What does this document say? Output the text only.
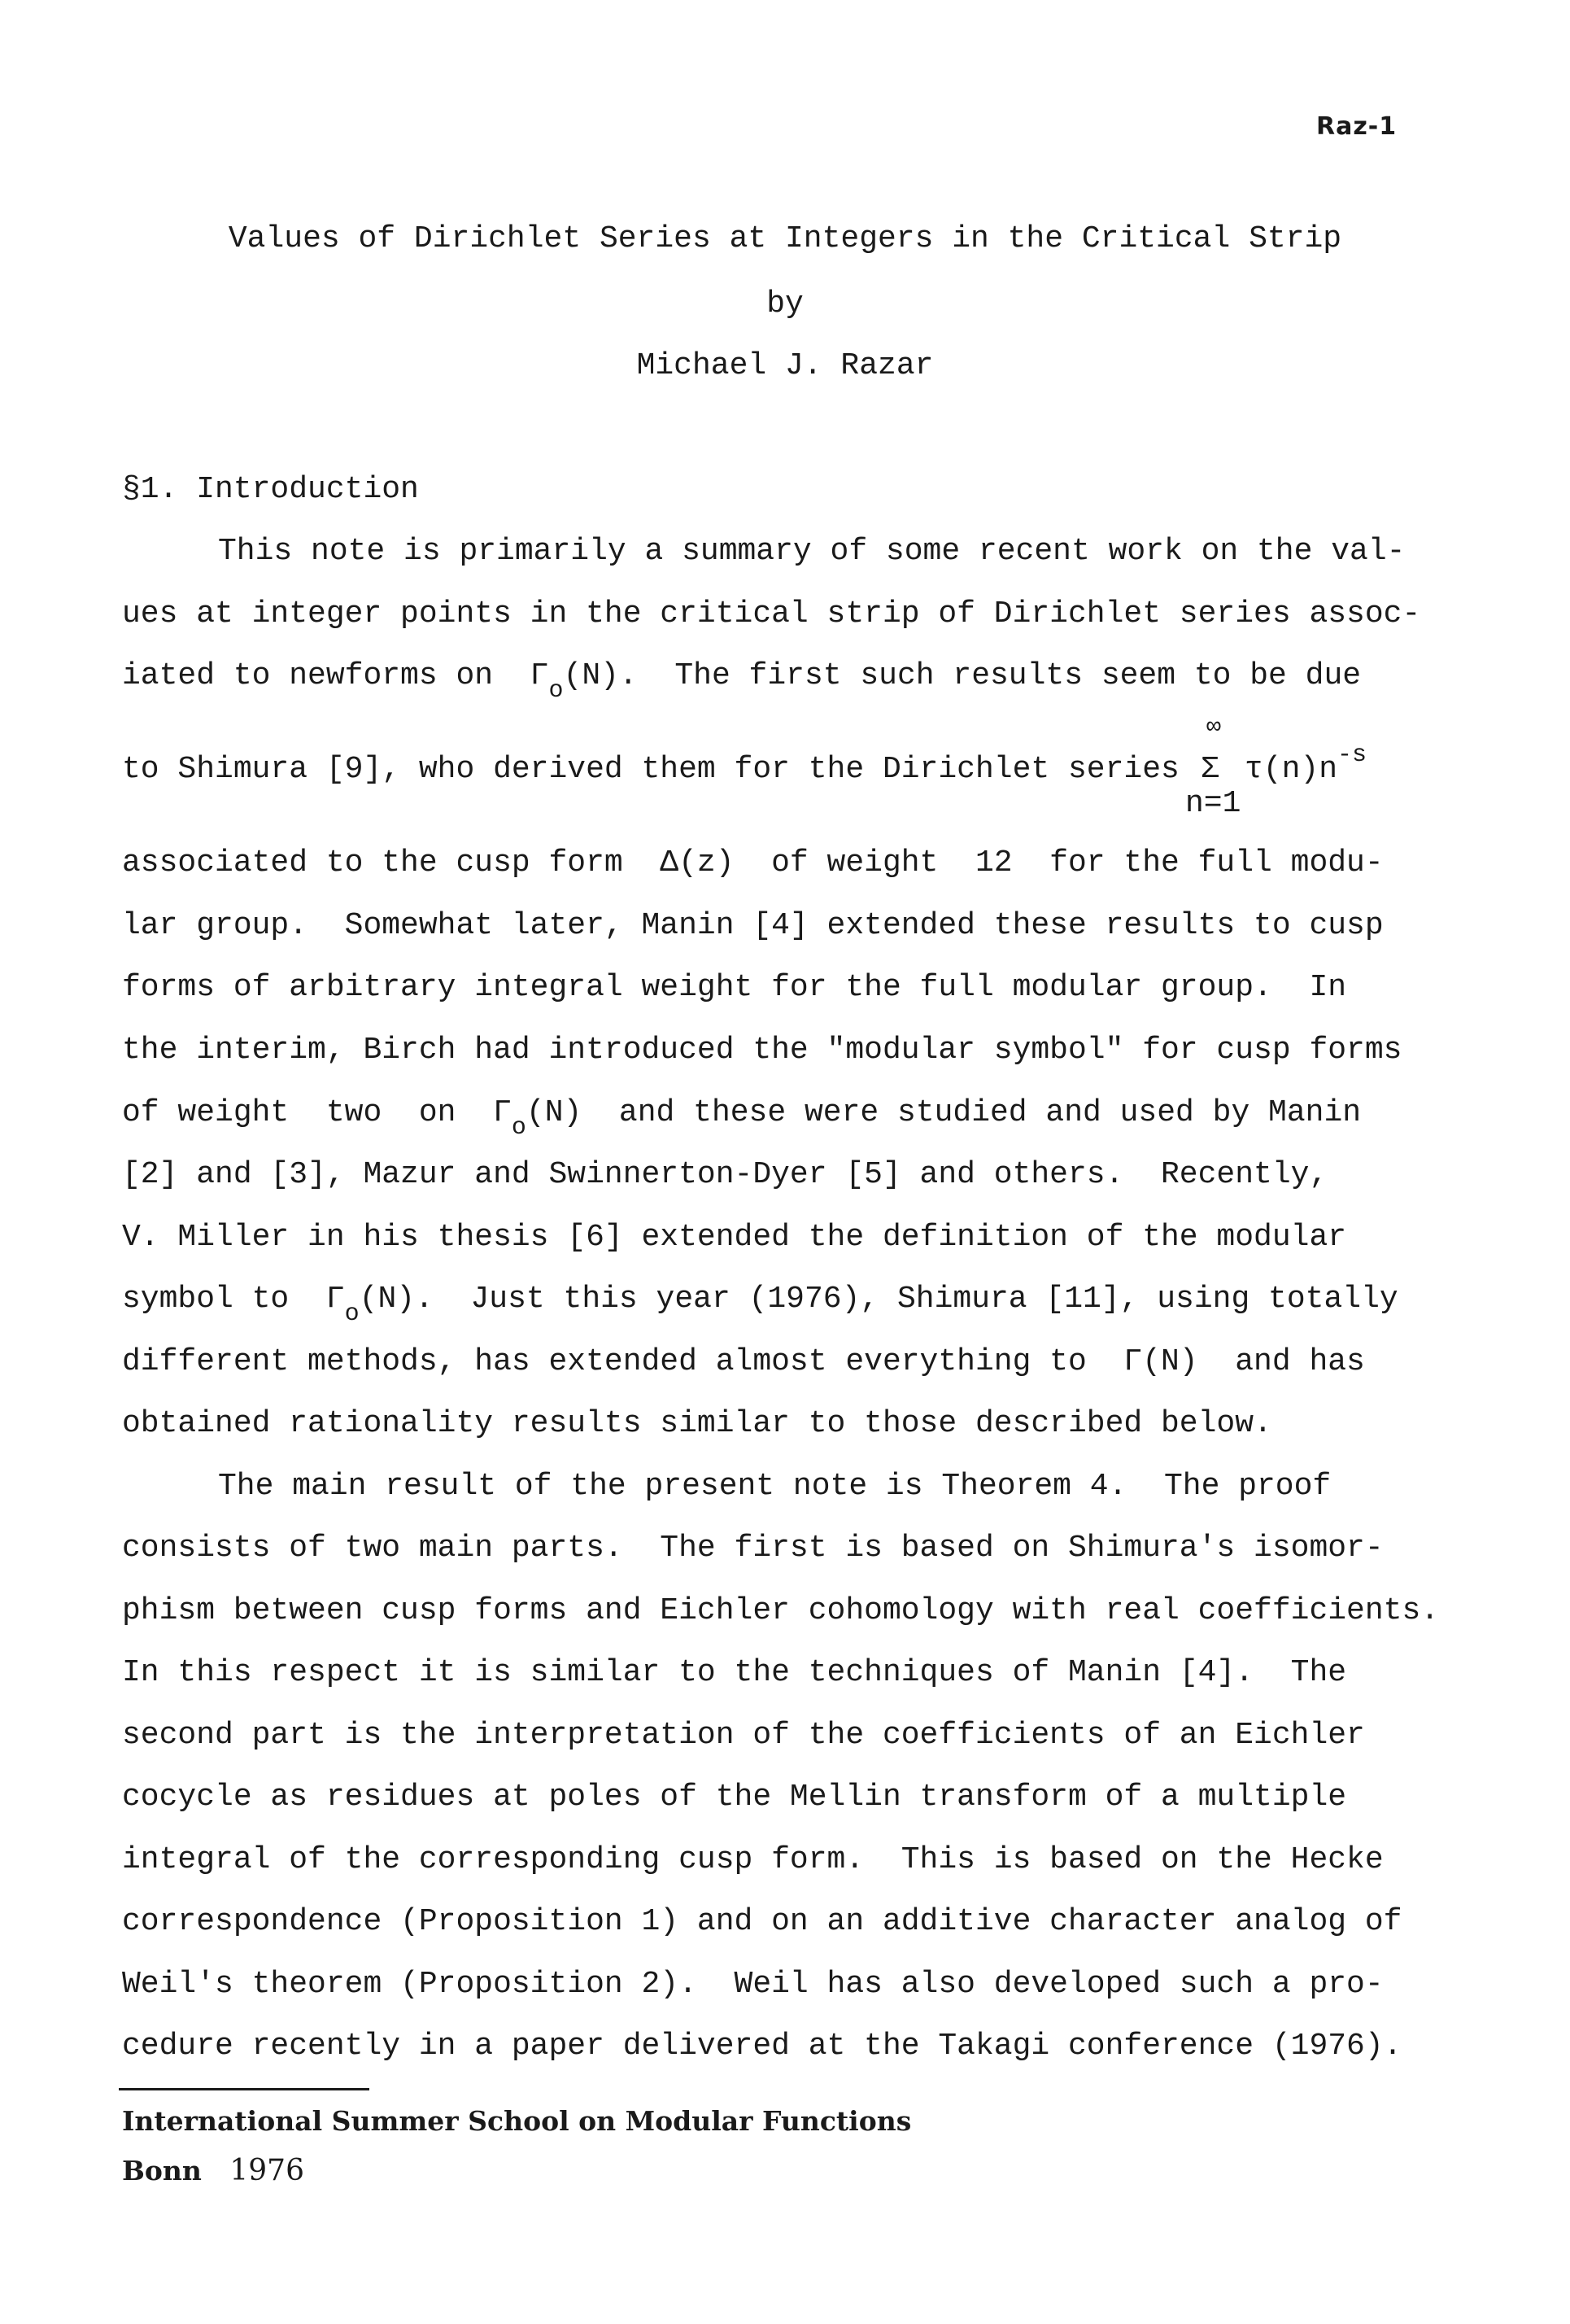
Raz-1
Values of Dirichlet Series at Integers in the Critical Strip
by
Michael J. Razar
§1. Introduction
This note is primarily a summary of some recent work on the val-
ues at integer points in the critical strip of Dirichlet series assoc-
iated to newforms on  $\Gamma_o(N)$.  The first such results seem to be due
to Shimura [9], who derived them for the Dirichlet series
∞
Σ $\tau(n)n^{-s}$
n=1
associated to the cusp form  Δ(z)  of weight  12  for the full modu-
lar group.  Somewhat later, Manin [4] extended these results to cusp
forms of arbitrary integral weight for the full modular group.  In
the interim, Birch had introduced the "modular symbol" for cusp forms
of weight  two  on  $\Gamma_o(N)$  and these were studied and used by Manin
[2] and [3], Mazur and Swinnerton-Dyer [5] and others.  Recently,
V. Miller in his thesis [6] extended the definition of the modular
symbol to  $\Gamma_o(N)$.  Just this year (1976), Shimura [11], using totally
different methods, has extended almost everything to  Γ(N)  and has
obtained rationality results similar to those described below.
The main result of the present note is Theorem 4.  The proof
consists of two main parts.  The first is based on Shimura's isomor-
phism between cusp forms and Eichler cohomology with real coefficients.
In this respect it is similar to the techniques of Manin [4].  The
second part is the interpretation of the coefficients of an Eichler
cocycle as residues at poles of the Mellin transform of a multiple
integral of the corresponding cusp form.  This is based on the Hecke
correspondence (Proposition 1) and on an additive character analog of
Weil's theorem (Proposition 2).  Weil has also developed such a pro-
cedure recently in a paper delivered at the Takagi conference (1976).
International Summer School on Modular Functions
Bonn 1976
